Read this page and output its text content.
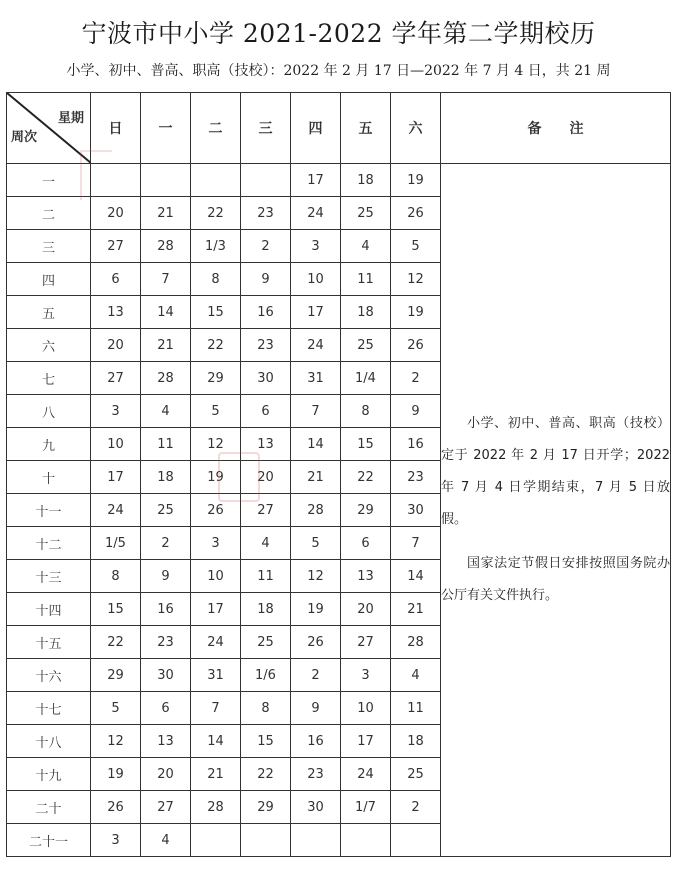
宁波市中小学 2021-2022 学年第二学期校历
小学、初中、普高、职高（技校）：2022 年 2 月 17 日—2022 年 7 月 4 日，共 21 周
星期
周次	日	一	二	三	四	五	六	备　　注
一					17	18	19	小学、初中、普高、职高（技校）定于 2022 年 2 月 17 日开学；2022 年 7 月 4 日学期结束，7 月 5 日放假。

国家法定节假日安排按照国务院办公厅有关文件执行。

二	20	21	22	23	24	25	26	
三	27	28	1/3	2	3	4	5	
四	6	7	8	9	10	11	12	
五	13	14	15	16	17	18	19	
六	20	21	22	23	24	25	26	
七	27	28	29	30	31	1/4	2	
八	3	4	5	6	7	8	9	
九	10	11	12	13	14	15	16	
十	17	18	19	20	21	22	23	
十一	24	25	26	27	28	29	30	
十二	1/5	2	3	4	5	6	7	
十三	8	9	10	11	12	13	14	
十四	15	16	17	18	19	20	21	
十五	22	23	24	25	26	27	28	
十六	29	30	31	1/6	2	3	4	
十七	5	6	7	8	9	10	11	
十八	12	13	14	15	16	17	18	
十九	19	20	21	22	23	24	25	
二十	26	27	28	29	30	1/7	2	
二十一	3	4						
